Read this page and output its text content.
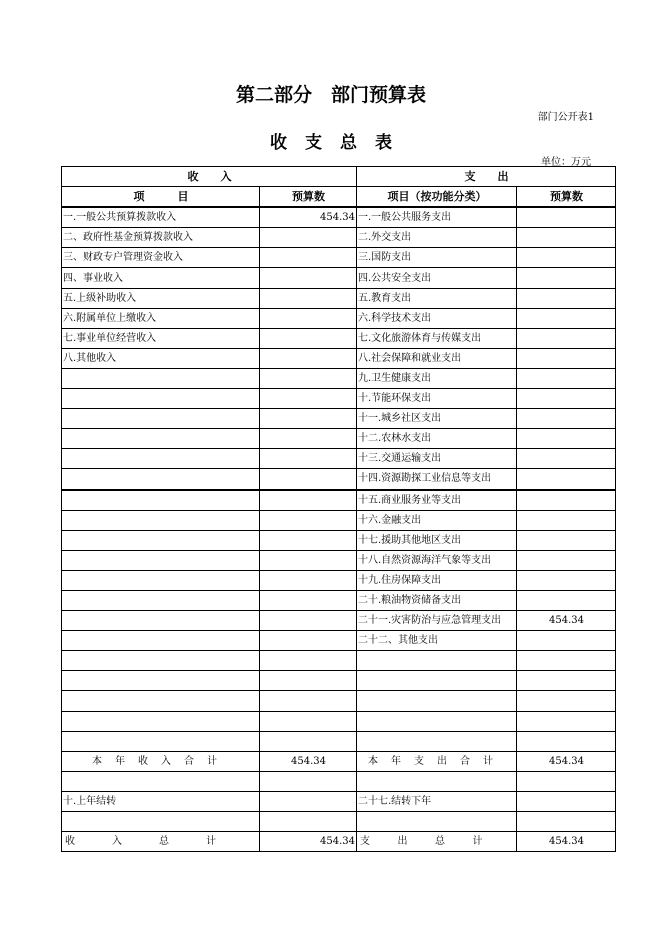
第二部分　部门预算表
部门公开表1
收支总表
单位：万元
收　　入		支　　出	
项　　　目	预算数	项目（按功能分类）	预算数
一.一般公共预算拨款收入	454.34	一.一般公共服务支出	
二、政府性基金预算拨款收入		二.外交支出	
三、财政专户管理资金收入		三.国防支出	
四、事业收入		四.公共安全支出	
五.上级补助收入		五.教育支出	
六.附属单位上缴收入		六.科学技术支出	
七.事业单位经营收入		七.文化旅游体育与传媒支出	
八.其他收入		八.社会保障和就业支出	
		九.卫生健康支出	
		十.节能环保支出	
		十一.城乡社区支出	
		十二.农林水支出	
		十三.交通运输支出	
		十四.资源勘探工业信息等支出	
		十五.商业服务业等支出	
		十六.金融支出	
		十七.援助其他地区支出	
		十八.自然资源海洋气象等支出	
		十九.住房保障支出	
		二十.粮油物资储备支出	
		二十一.灾害防治与应急管理支出	454.34
		二十二、其他支出	

本年收入合计	454.34	本年支出合计	454.34

十.上年结转		二十七.结转下年	

收 入 总 计	454.34	支 出 总 计	454.34
